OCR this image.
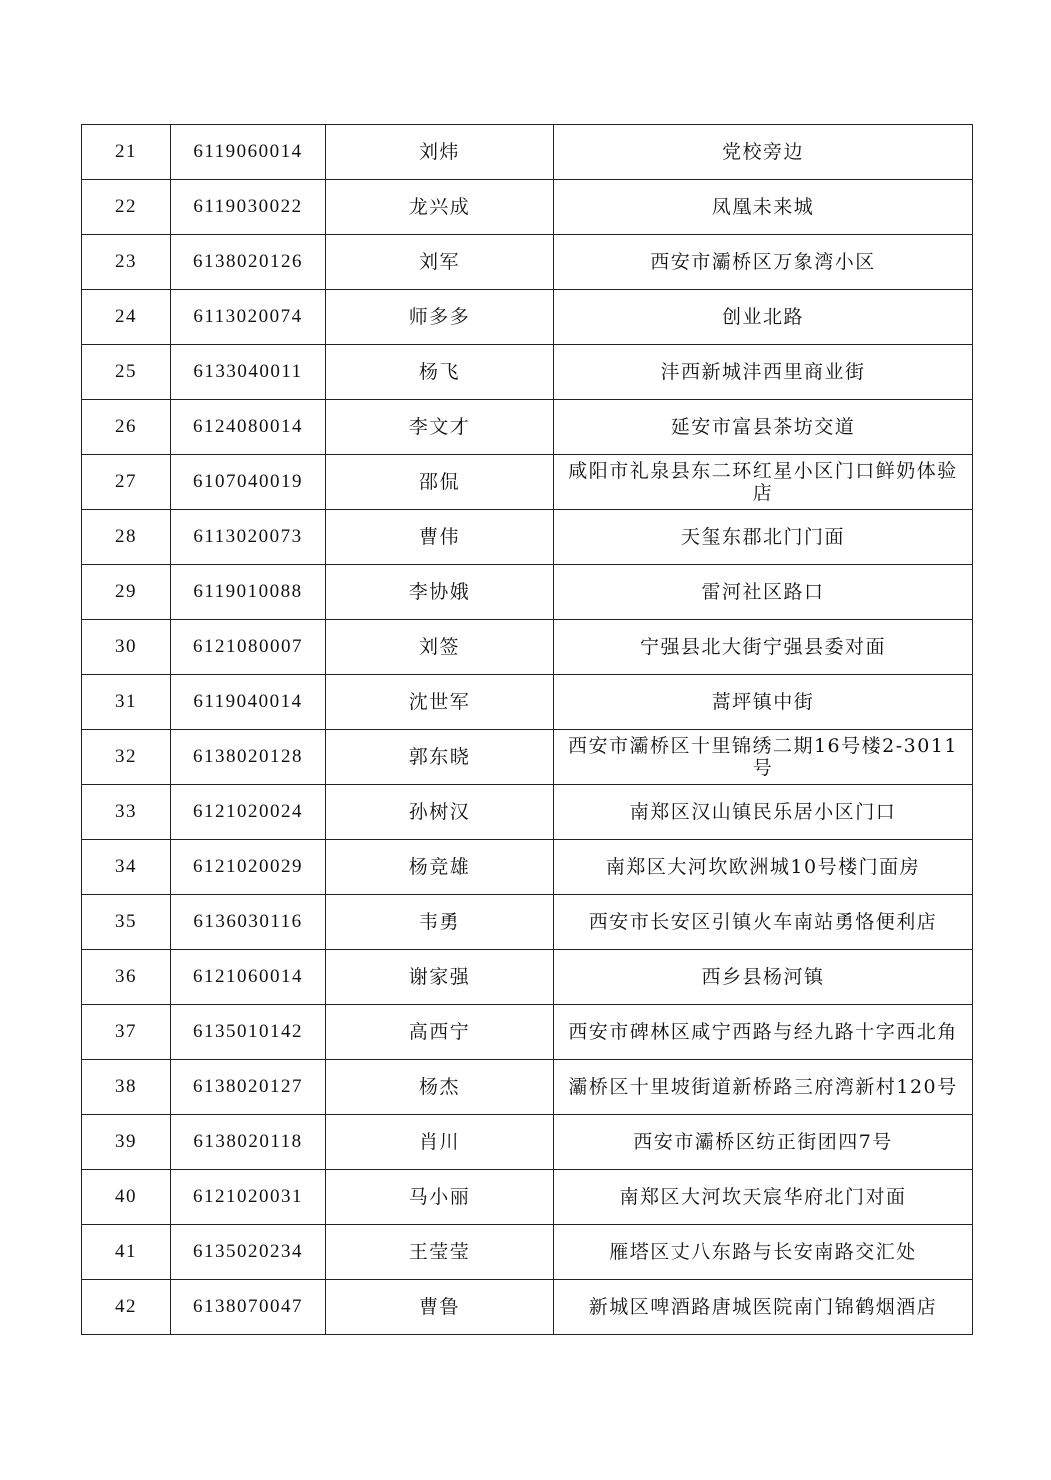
21	6119060014	刘炜	党校旁边
22	6119030022	龙兴成	凤凰未来城
23	6138020126	刘军	西安市灞桥区万象湾小区
24	6113020074	师多多	创业北路
25	6133040011	杨飞	沣西新城沣西里商业街
26	6124080014	李文才	延安市富县茶坊交道
27	6107040019	邵侃	咸阳市礼泉县东二环红星小区门口鲜奶体验店
28	6113020073	曹伟	天玺东郡北门门面
29	6119010088	李协娥	雷河社区路口
30	6121080007	刘签	宁强县北大街宁强县委对面
31	6119040014	沈世军	蒿坪镇中街
32	6138020128	郭东晓	西安市灞桥区十里锦绣二期16号楼2-3011号
33	6121020024	孙树汉	南郑区汉山镇民乐居小区门口
34	6121020029	杨竞雄	南郑区大河坎欧洲城10号楼门面房
35	6136030116	韦勇	西安市长安区引镇火车南站勇恪便利店
36	6121060014	谢家强	西乡县杨河镇
37	6135010142	高西宁	西安市碑林区咸宁西路与经九路十字西北角
38	6138020127	杨杰	灞桥区十里坡街道新桥路三府湾新村120号
39	6138020118	肖川	西安市灞桥区纺正街团四7号
40	6121020031	马小丽	南郑区大河坎天宸华府北门对面
41	6135020234	王莹莹	雁塔区丈八东路与长安南路交汇处
42	6138070047	曹鲁	新城区啤酒路唐城医院南门锦鹤烟酒店
